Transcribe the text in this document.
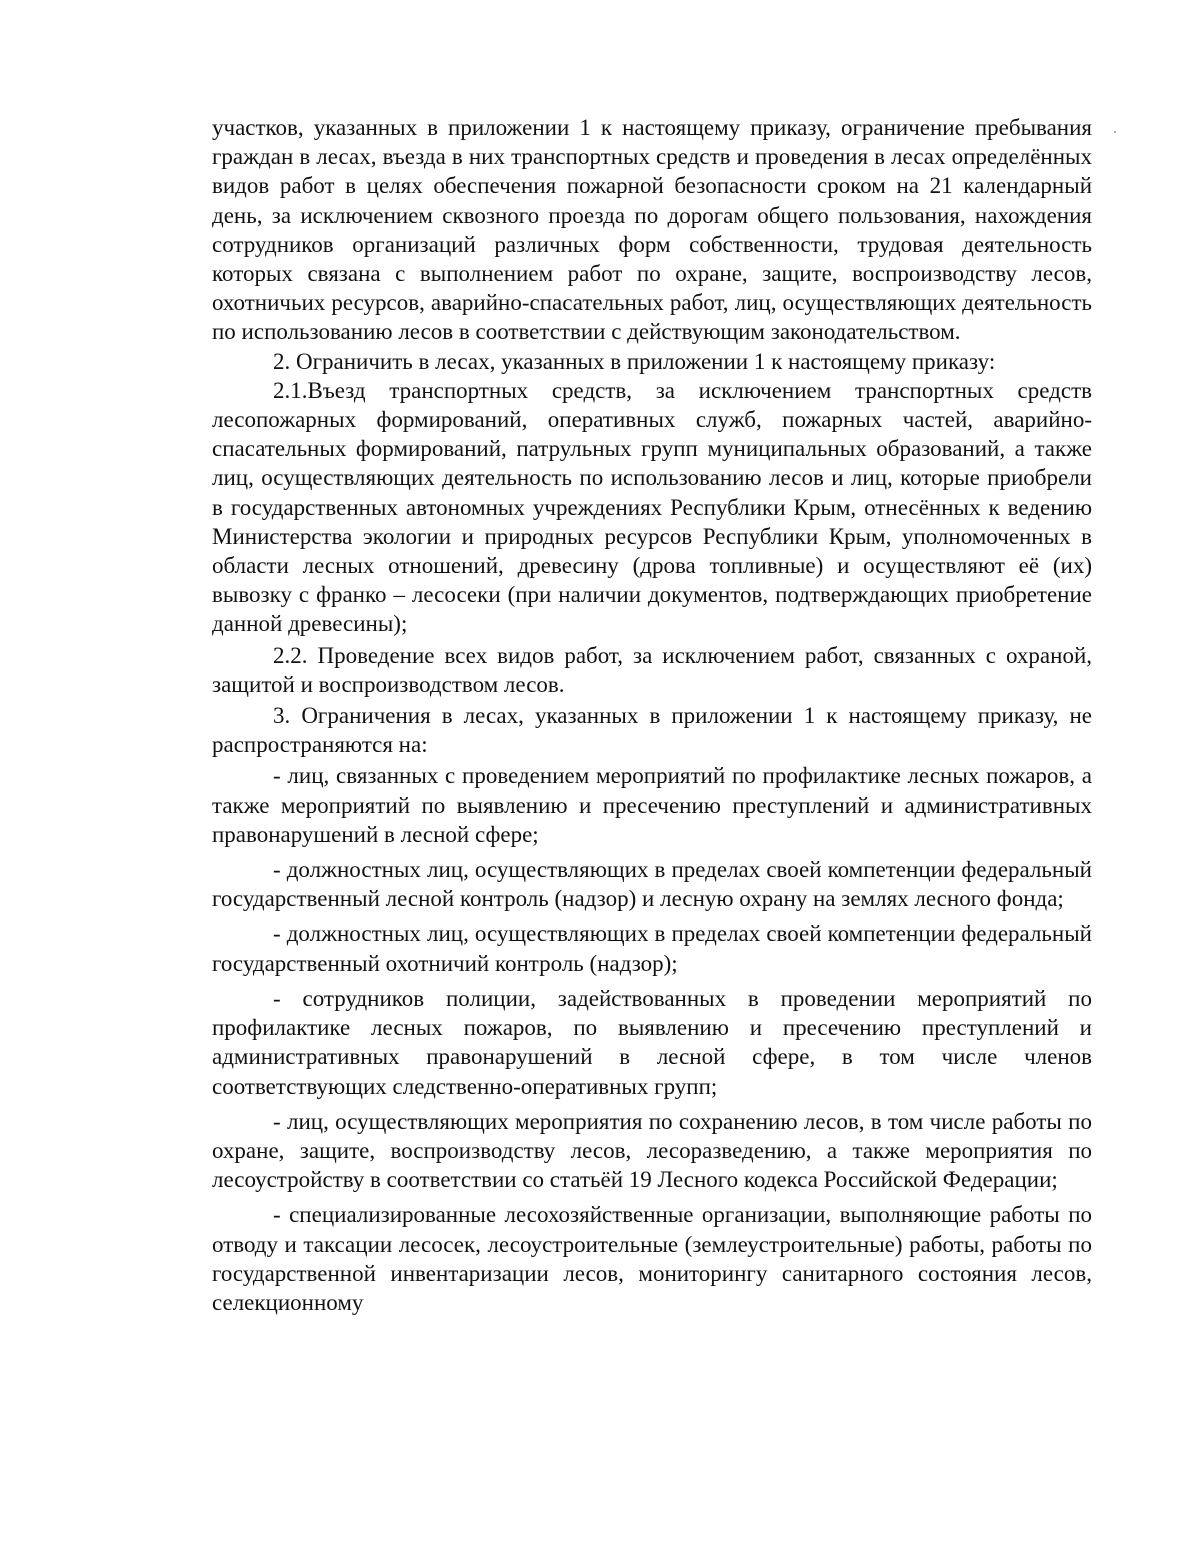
участков, указанных в приложении 1 к настоящему приказу, ограничение пребывания граждан в лесах, въезда в них транспортных средств и проведения в лесах определённых видов работ в целях обеспечения пожарной безопасности сроком на 21 календарный день, за исключением сквозного проезда по дорогам общего пользования, нахождения сотрудников организаций различных форм собственности, трудовая деятельность которых связана с выполнением работ по охране, защите, воспроизводству лесов, охотничьих ресурсов, аварийно-спасательных работ, лиц, осуществляющих деятельность по использованию лесов в соответствии с действующим законодательством.

2. Ограничить в лесах, указанных в приложении 1 к настоящему приказу:

2.1.Въезд транспортных средств, за исключением транспортных средств лесопожарных формирований, оперативных служб, пожарных частей, аварийно-спасательных формирований, патрульных групп муниципальных образований, а также лиц, осуществляющих деятельность по использованию лесов и лиц, которые приобрели в государственных автономных учреждениях Республики Крым, отнесённых к ведению Министерства экологии и природных ресурсов Республики Крым, уполномоченных в области лесных отношений, древесину (дрова топливные) и осуществляют её (их) вывозку с франко – лесосеки (при наличии документов, подтверждающих приобретение данной древесины);

2.2. Проведение всех видов работ, за исключением работ, связанных с охраной, защитой и воспроизводством лесов.

3. Ограничения в лесах, указанных в приложении 1 к настоящему приказу, не распространяются на:

- лиц, связанных с проведением мероприятий по профилактике лесных пожаров, а также мероприятий по выявлению и пресечению преступлений и административных правонарушений в лесной сфере;

- должностных лиц, осуществляющих в пределах своей компетенции федеральный государственный лесной контроль (надзор) и лесную охрану на землях лесного фонда;

- должностных лиц, осуществляющих в пределах своей компетенции федеральный государственный охотничий контроль (надзор);

- сотрудников полиции, задействованных в проведении мероприятий по профилактике лесных пожаров, по выявлению и пресечению преступлений и административных правонарушений в лесной сфере, в том числе членов соответствующих следственно-оперативных групп;

- лиц, осуществляющих мероприятия по сохранению лесов, в том числе работы по охране, защите, воспроизводству лесов, лесоразведению, а также мероприятия по лесоустройству в соответствии со статьёй 19 Лесного кодекса Российской Федерации;

- специализированные лесохозяйственные организации, выполняющие работы по отводу и таксации лесосек, лесоустроительные (землеустроительные) работы, работы по государственной инвентаризации лесов, мониторингу санитарного состояния лесов, селекционному
